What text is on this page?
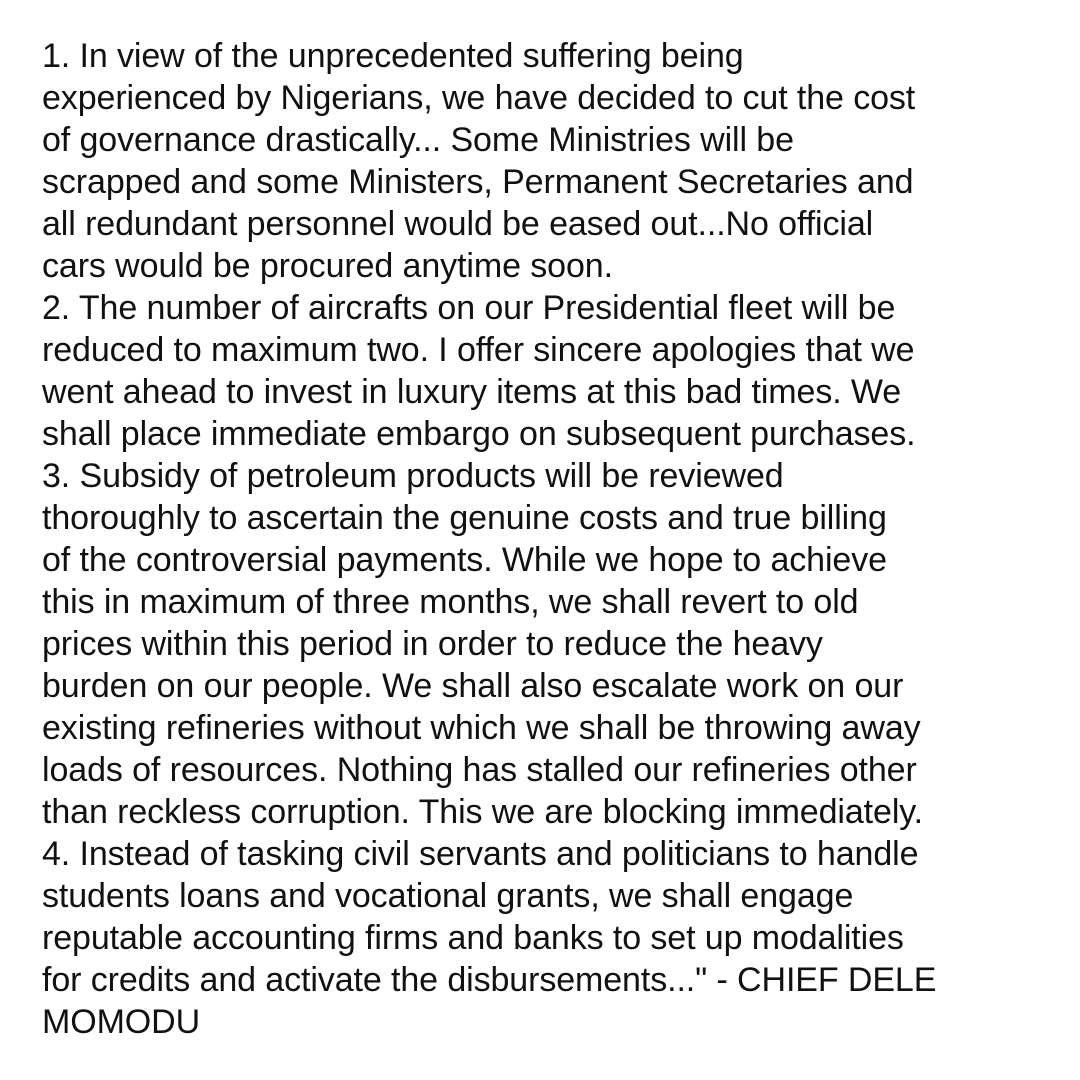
1. In view of the unprecedented suffering being
experienced by Nigerians, we have decided to cut the cost
of governance drastically... Some Ministries will be
scrapped and some Ministers, Permanent Secretaries and
all redundant personnel would be eased out...No official
cars would be procured anytime soon.
2. The number of aircrafts on our Presidential fleet will be
reduced to maximum two. I offer sincere apologies that we
went ahead to invest in luxury items at this bad times. We
shall place immediate embargo on subsequent purchases.
3. Subsidy of petroleum products will be reviewed
thoroughly to ascertain the genuine costs and true billing
of the controversial payments. While we hope to achieve
this in maximum of three months, we shall revert to old
prices within this period in order to reduce the heavy
burden on our people. We shall also escalate work on our
existing refineries without which we shall be throwing away
loads of resources. Nothing has stalled our refineries other
than reckless corruption. This we are blocking immediately.
4. Instead of tasking civil servants and politicians to handle
students loans and vocational grants, we shall engage
reputable accounting firms and banks to set up modalities
for credits and activate the disbursements..." - CHIEF DELE
MOMODU
